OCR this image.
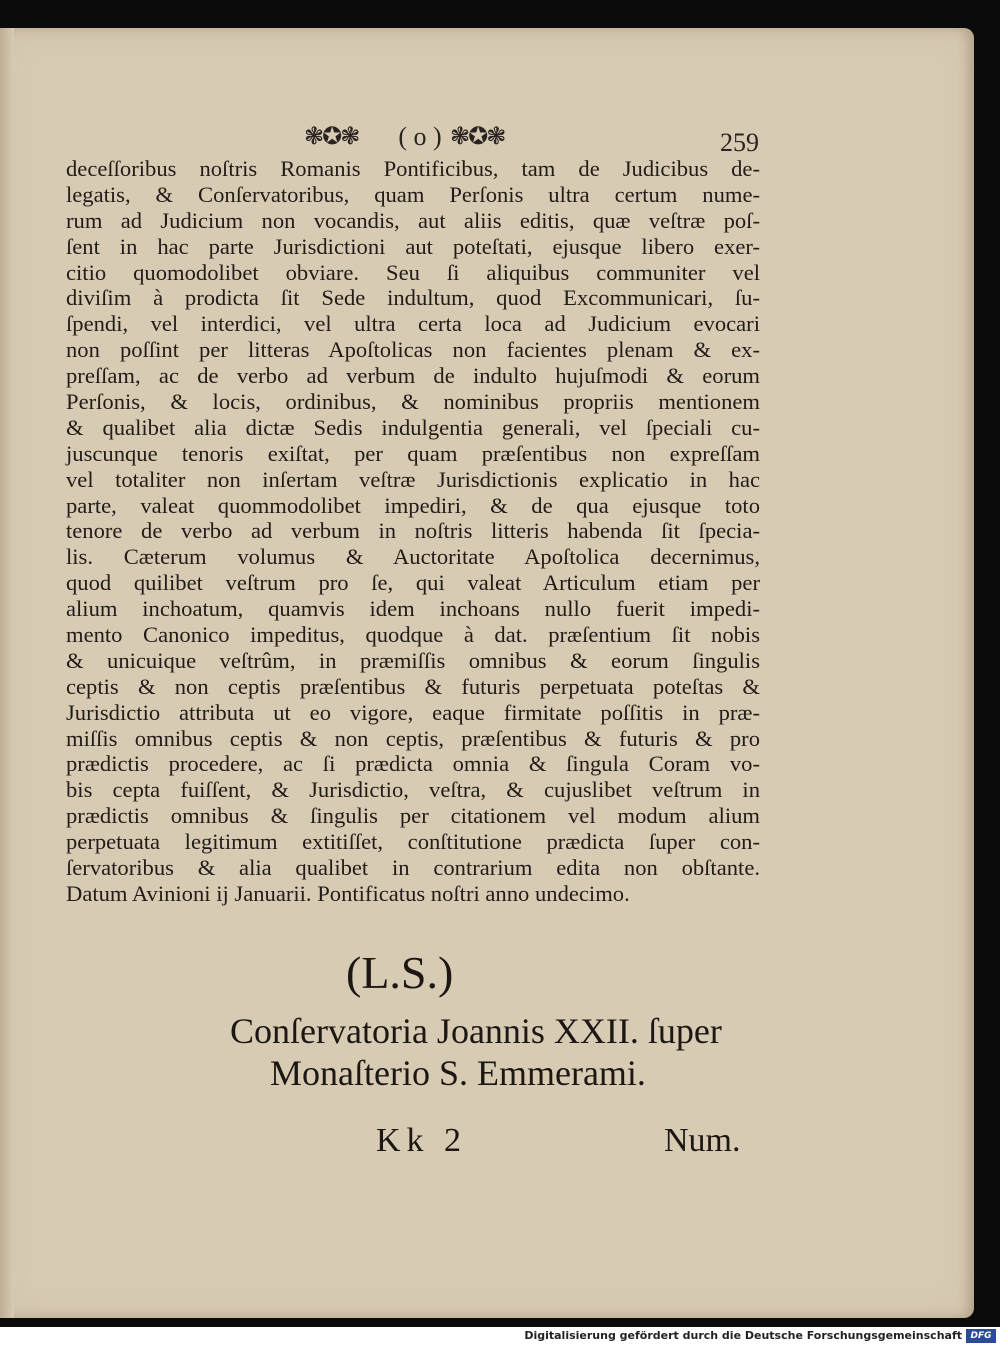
❃✪❃	( o ) ❃✪❃	259
deceſſoribus noſtris Romanis Pontificibus, tam de Judicibus de-
legatis, & Conſervatoribus, quam Perſonis ultra certum nume-
rum ad Judicium non vocandis, aut aliis editis, quæ veſtræ poſ-
ſent in hac parte Jurisdictioni aut poteſtati, ejusque libero exer-
citio quomodolibet obviare. Seu ſi aliquibus communiter vel
diviſim à prodicta ſit Sede indultum, quod Excommunicari, ſu-
ſpendi, vel interdici, vel ultra certa loca ad Judicium evocari
non poſſint per litteras Apoſtolicas non facientes plenam & ex-
preſſam, ac de verbo ad verbum de indulto hujuſmodi & eorum
Perſonis, & locis, ordinibus, & nominibus propriis mentionem
& qualibet alia dictæ Sedis indulgentia generali, vel ſpeciali cu-
juscunque tenoris exiſtat, per quam præſentibus non expreſſam
vel totaliter non inſertam veſtræ Jurisdictionis explicatio in hac
parte, valeat quommodolibet impediri, & de qua ejusque toto
tenore de verbo ad verbum in noſtris litteris habenda ſit ſpecia-
lis. Cæterum volumus & Auctoritate Apoſtolica decernimus,
quod quilibet veſtrum pro ſe, qui valeat Articulum etiam per
alium inchoatum, quamvis idem inchoans nullo fuerit impedi-
mento Canonico impeditus, quodque à dat. præſentium ſit nobis
& unicuique veſtrûm, in præmiſſis omnibus & eorum ſingulis
ceptis & non ceptis præſentibus & futuris perpetuata poteſtas &
Jurisdictio attributa ut eo vigore, eaque firmitate poſſitis in præ-
miſſis omnibus ceptis & non ceptis, præſentibus & futuris & pro
prædictis procedere, ac ſi prædicta omnia & ſingula Coram vo-
bis cepta fuiſſent, & Jurisdictio, veſtra, & cujuslibet veſtrum in
prædictis omnibus & ſingulis per citationem vel modum alium
perpetuata legitimum extitiſſet, conſtitutione prædicta ſuper con-
ſervatoribus & alia qualibet in contrarium edita non obſtante.
Datum Avinioni ij Januarii. Pontificatus noſtri anno undecimo.
(L.S.)
Conſervatoria Joannis XXII. ſuper
Monaſterio S. Emmerami.
Kk 2	Num.
Digitalisierung gefördert durch die Deutsche Forschungsgemeinschaft DFG
